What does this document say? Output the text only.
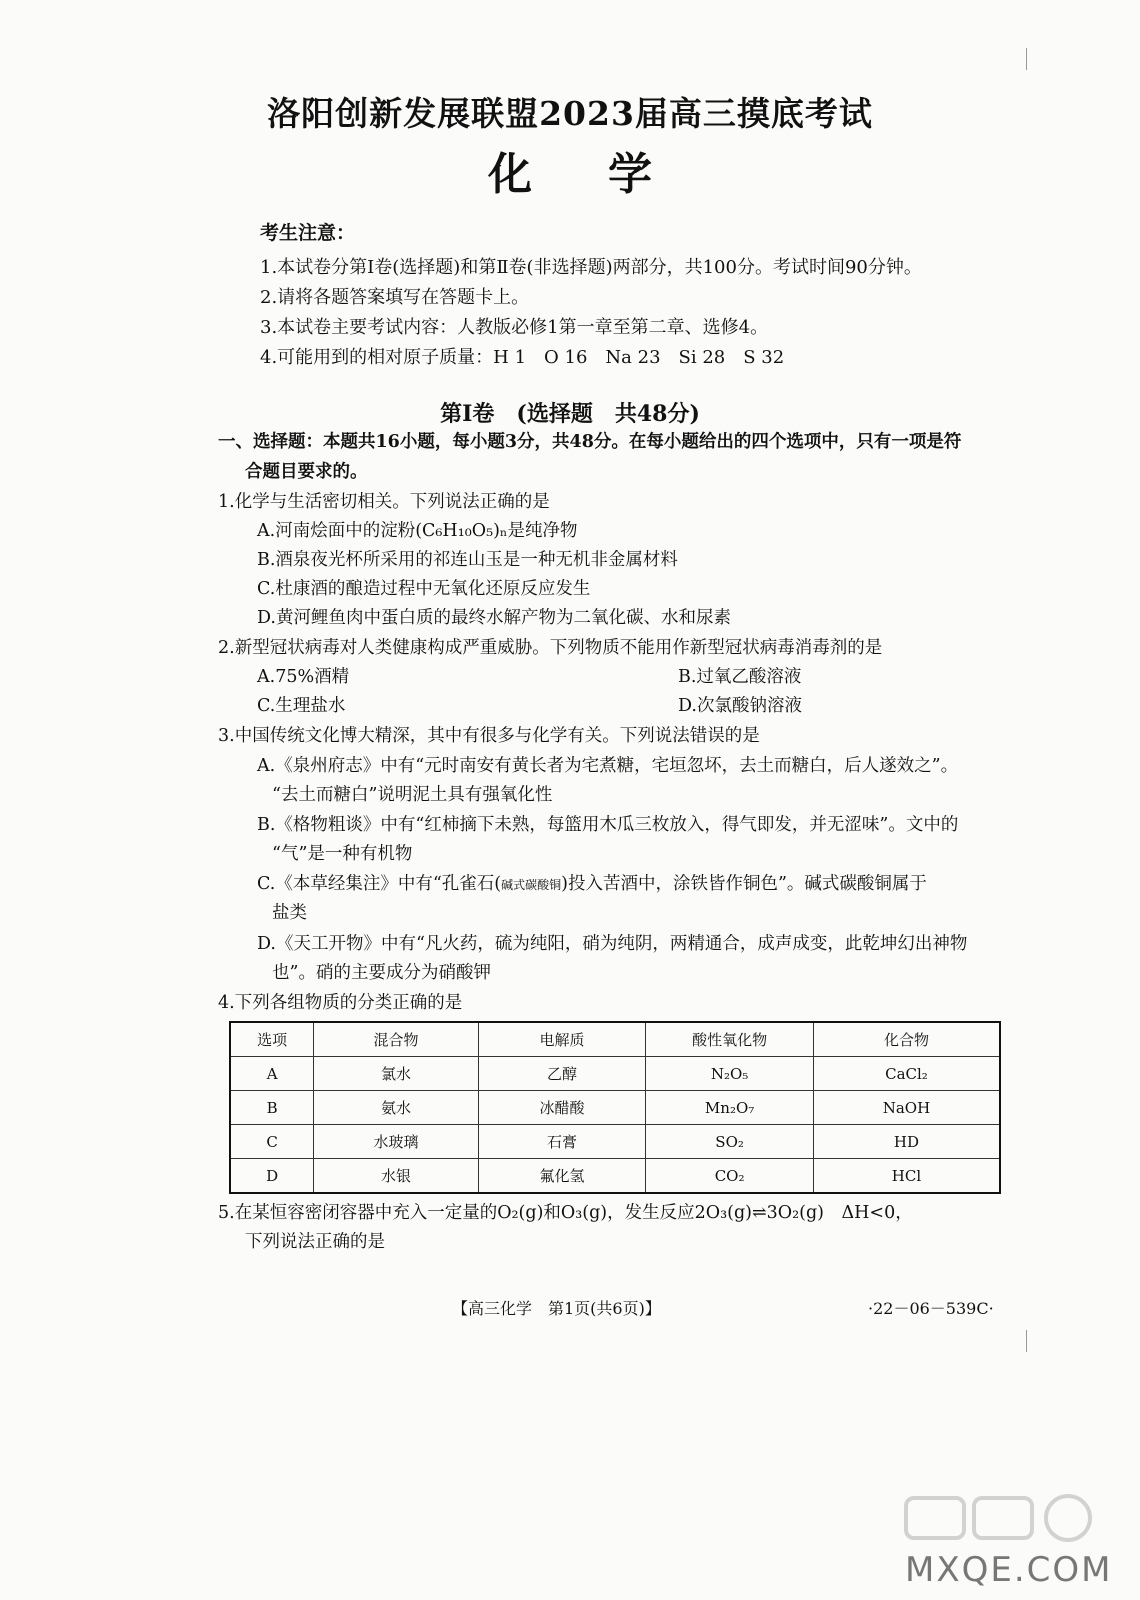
洛阳创新发展联盟2023届高三摸底考试
化学
考生注意：
1.本试卷分第Ⅰ卷(选择题)和第Ⅱ卷(非选择题)两部分，共100分。考试时间90分钟。
2.请将各题答案填写在答题卡上。
3.本试卷主要考试内容：人教版必修1第一章至第二章、选修4。
4.可能用到的相对原子质量：H 1　O 16　Na 23　Si 28　S 32
第Ⅰ卷　(选择题　共48分)
一、选择题：本题共16小题，每小题3分，共48分。在每小题给出的四个选项中，只有一项是符
合题目要求的。
1.化学与生活密切相关。下列说法正确的是
A.河南烩面中的淀粉(C₆H₁₀O₅)ₙ是纯净物
B.酒泉夜光杯所采用的祁连山玉是一种无机非金属材料
C.杜康酒的酿造过程中无氧化还原反应发生
D.黄河鲤鱼肉中蛋白质的最终水解产物为二氧化碳、水和尿素
2.新型冠状病毒对人类健康构成严重威胁。下列物质不能用作新型冠状病毒消毒剂的是
A.75%酒精	B.过氧乙酸溶液
C.生理盐水	D.次氯酸钠溶液
3.中国传统文化博大精深，其中有很多与化学有关。下列说法错误的是
A.《泉州府志》中有“元时南安有黄长者为宅煮糖，宅垣忽坏，去土而糖白，后人遂效之”。
“去土而糖白”说明泥土具有强氧化性
B.《格物粗谈》中有“红柿摘下未熟，每篮用木瓜三枚放入，得气即发，并无涩味”。文中的
“气”是一种有机物
C.《本草经集注》中有“孔雀石(碱式碳酸铜)投入苦酒中，涂铁皆作铜色”。碱式碳酸铜属于
盐类
D.《天工开物》中有“凡火药，硫为纯阳，硝为纯阴，两精通合，成声成变，此乾坤幻出神物
也”。硝的主要成分为硝酸钾
4.下列各组物质的分类正确的是
选项	混合物	电解质	酸性氧化物	化合物
A	氯水	乙醇	N₂O₅	CaCl₂
B	氨水	冰醋酸	Mn₂O₇	NaOH
C	水玻璃	石膏	SO₂	HD
D	水银	氟化氢	CO₂	HCl
5.在某恒容密闭容器中充入一定量的O₂(g)和O₃(g)，发生反应2O₃(g)⇌3O₂(g)　ΔH<0，
下列说法正确的是
【高三化学　第1页(共6页)】	·22－06－539C·
MXQE.COM
